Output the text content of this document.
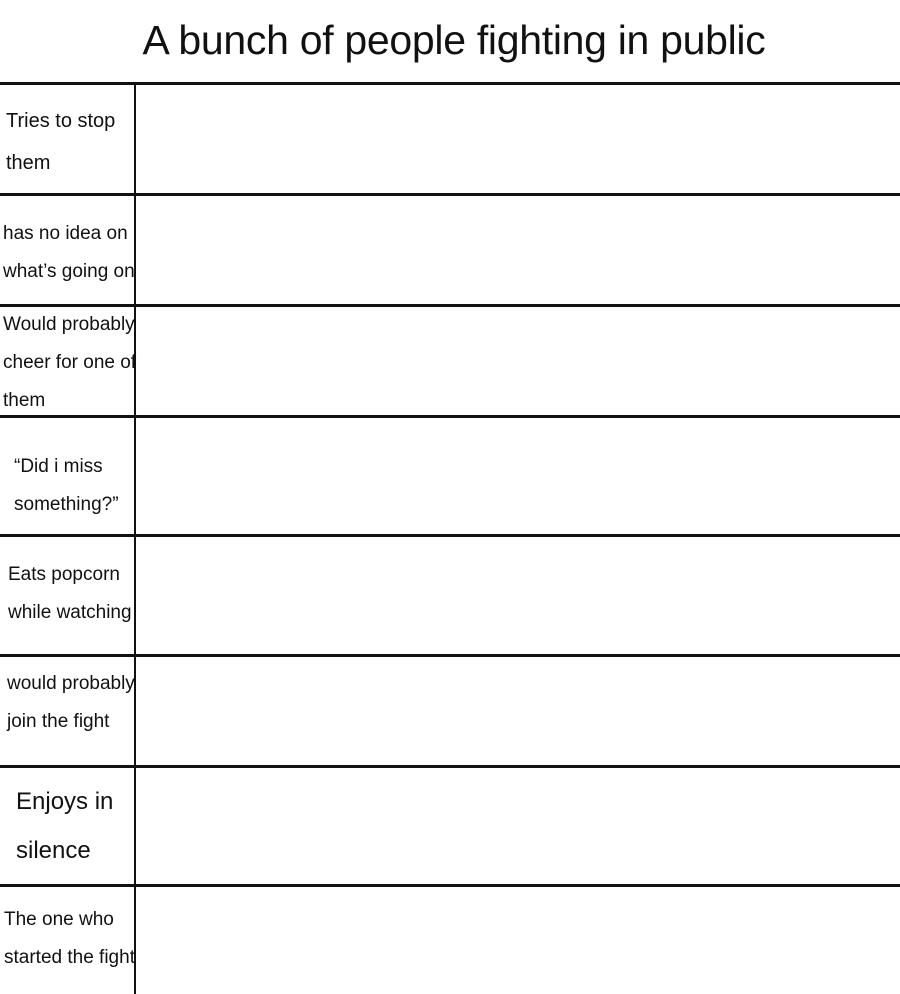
A bunch of people fighting in public
Tries to stop
them
has no idea on
what’s going on
Would probably
cheer for one of
them
“Did i miss
something?”
Eats popcorn
while watching
would probably
join the fight
Enjoys in
silence
The one who
started the fight
